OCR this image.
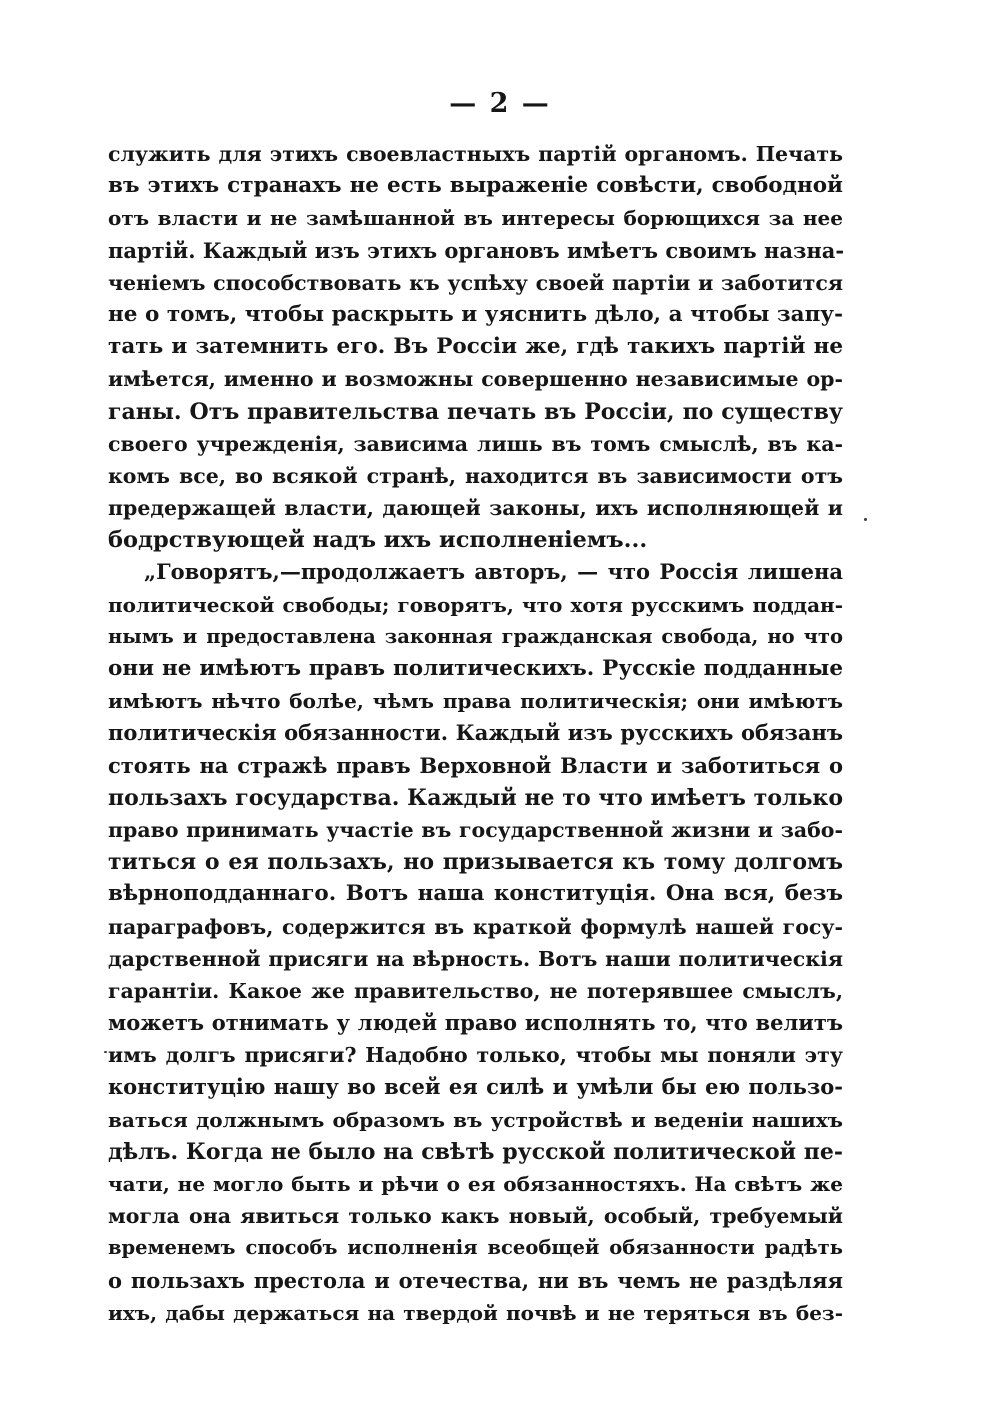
— 2 —
служить для этихъ своевластныхъ партій органомъ. Печать
въ этихъ странахъ не есть выраженіе совѣсти, свободной
отъ власти и не замѣшанной въ интересы борющихся за нее
партій. Каждый изъ этихъ органовъ имѣетъ своимъ назна-
ченіемъ способствовать къ успѣху своей партіи и заботится
не о томъ, чтобы раскрыть и уяснить дѣло, а чтобы запу-
тать и затемнить его. Въ Россіи же, гдѣ такихъ партій не
имѣется, именно и возможны совершенно независимые ор-
ганы. Отъ правительства печать въ Россіи, по существу
своего учрежденія, зависима лишь въ томъ смыслѣ, въ ка-
комъ все, во всякой странѣ, находится въ зависимости отъ
предержащей власти, дающей законы, ихъ исполняющей и
бодрствующей надъ ихъ исполненіемъ...
„Говорятъ,—продолжаетъ авторъ, — что Россія лишена
политической свободы; говорятъ, что хотя русскимъ поддан-
нымъ и предоставлена законная гражданская свобода, но что
они не имѣютъ правъ политическихъ. Русскіе подданные
имѣютъ нѣчто болѣе, чѣмъ права политическія; они имѣютъ
политическія обязанности. Каждый изъ русскихъ обязанъ
стоять на стражѣ правъ Верховной Власти и заботиться о
пользахъ государства. Каждый не то что имѣетъ только
право принимать участіе въ государственной жизни и забо-
титься о ея пользахъ, но призывается къ тому долгомъ
вѣрноподданнаго. Вотъ наша конституція. Она вся, безъ
параграфовъ, содержится въ краткой формулѣ нашей госу-
дарственной присяги на вѣрность. Вотъ наши политическія
гарантіи. Какое же правительство, не потерявшее смыслъ,
можетъ отнимать у людей право исполнять то, что велитъ
имъ долгъ присяги? Надобно только, чтобы мы поняли эту
конституцію нашу во всей ея силѣ и умѣли бы ею пользо-
ваться должнымъ образомъ въ устройствѣ и веденіи нашихъ
дѣлъ. Когда не было на свѣтѣ русской политической пе-
чати, не могло быть и рѣчи о ея обязанностяхъ. На свѣтъ же
могла она явиться только какъ новый, особый, требуемый
временемъ способъ исполненія всеобщей обязанности радѣть
о пользахъ престола и отечества, ни въ чемъ не раздѣляя
ихъ, дабы держаться на твердой почвѣ и не теряться въ без-
